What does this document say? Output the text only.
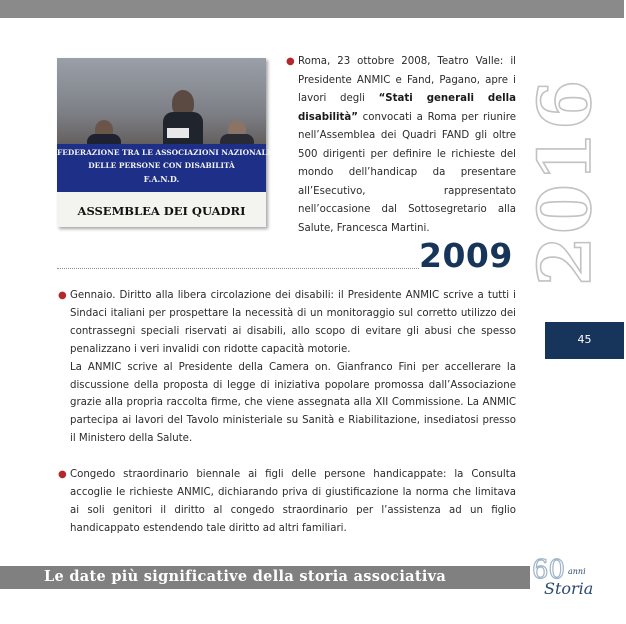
FEDERAZIONE TRA LE ASSOCIAZIONI NAZIONALI
DELLE PERSONE CON DISABILITÀ
F.A.N.D.
ASSEMBLEA DEI QUADRI
● Roma, 23 ottobre 2008, Teatro Valle: il Presidente ANMIC e Fand, Pagano, apre i lavori degli “Stati generali della disabilità” convocati a Roma per riunire nell’Assemblea dei Quadri FAND gli oltre 500 dirigenti per definire le richieste del mondo dell’handicap da presentare all’Esecutivo, rappresentato nell’occasione dal Sottosegretario alla Salute, Francesca Martini.	2016
2009
45
● Gennaio. Diritto alla libera circolazione dei disabili: il Presidente ANMIC scrive a tutti i Sindaci italiani per prospettare la necessità di un monitoraggio sul corretto utilizzo dei contrassegni speciali riservati ai disabili, allo scopo di evitare gli abusi che spesso penalizzano i veri invalidi con ridotte capacità motorie.
La ANMIC scrive al Presidente della Camera on. Gianfranco Fini per accellerare la discussione della proposta di legge di iniziativa popolare promossa dall’Associazione grazie alla propria raccolta firme, che viene assegnata alla XII Commissione. La ANMIC partecipa ai lavori del Tavolo ministeriale su Sanità e Riabilitazione, insediatosi presso il Ministero della Salute.
● Congedo straordinario biennale ai figli delle persone handicappate: la Consulta accoglie le richieste ANMIC, dichiarando priva di giustificazione la norma che limitava ai soli genitori il diritto al congedo straordinario per l’assistenza ad un figlio handicappato estendendo tale diritto ad altri familiari.
Le date più significative della storia associativa	60 anni
Storia
